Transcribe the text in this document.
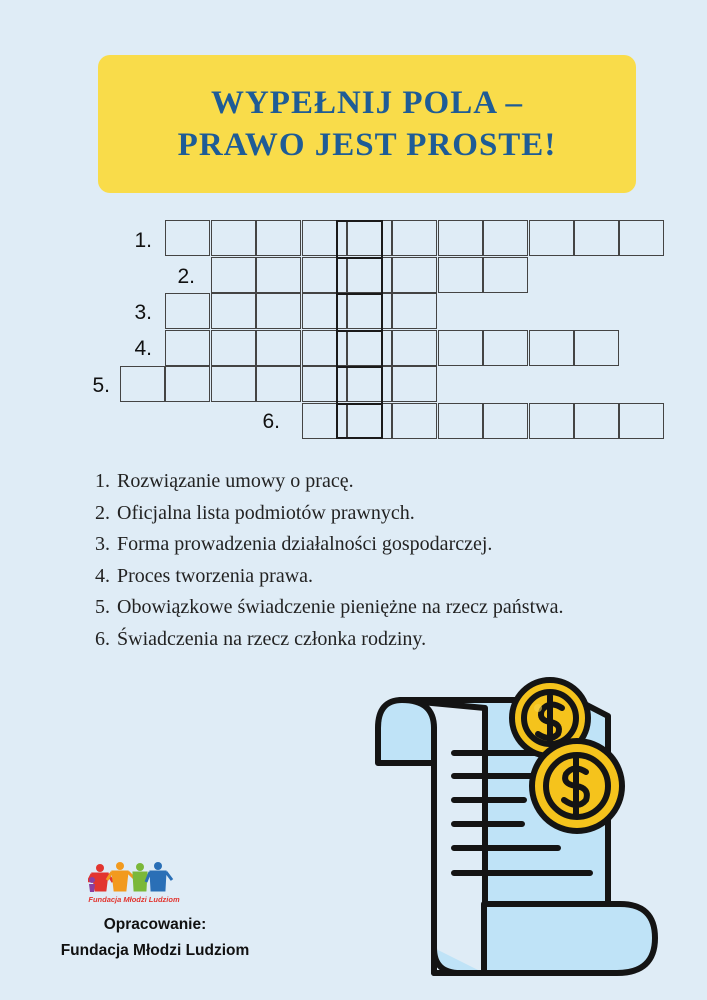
WYPEŁNIJ POLA –
PRAWO JEST PROSTE!
1.
2.
3.
4.
5.
6.
1. Rozwiązanie umowy o pracę.
2. Oficjalna lista podmiotów prawnych.
3. Forma prowadzenia działalności gospodarczej.
4. Proces tworzenia prawa.
5. Obowiązkowe świadczenie pieniężne na rzecz państwa.
6. Świadczenia na rzecz członka rodziny.
Fundacja Młodzi Ludziom
Opracowanie:
Fundacja Młodzi Ludziom
